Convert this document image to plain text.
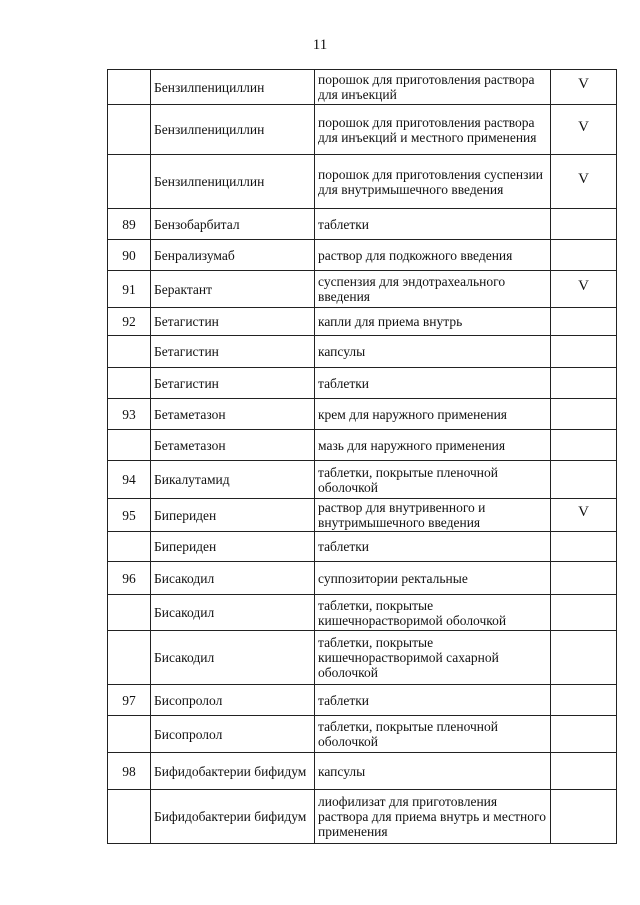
11
	Бензилпенициллин	порошок для приготовления раствора для инъекций	V
	Бензилпенициллин	порошок для приготовления раствора для инъекций и местного применения	V
	Бензилпенициллин	порошок для приготовления суспензии для внутримышечного введения	V
89	Бензобарбитал	таблетки	
90	Бенрализумаб	раствор для подкожного введения	
91	Берактант	суспензия для эндотрахеального введения	V
92	Бетагистин	капли для приема внутрь	
	Бетагистин	капсулы	
	Бетагистин	таблетки	
93	Бетаметазон	крем для наружного применения	
	Бетаметазон	мазь для наружного применения	
94	Бикалутамид	таблетки, покрытые пленочной оболочкой	
95	Бипериден	раствор для внутривенного и внутримышечного введения	V
	Бипериден	таблетки	
96	Бисакодил	суппозитории ректальные	
	Бисакодил	таблетки, покрытые кишечнорастворимой оболочкой	
	Бисакодил	таблетки, покрытые кишечнорастворимой сахарной оболочкой	
97	Бисопролол	таблетки	
	Бисопролол	таблетки, покрытые пленочной оболочкой	
98	Бифидобактерии бифидум	капсулы	
	Бифидобактерии бифидум	лиофилизат для приготовления раствора для приема внутрь и местного применения	
